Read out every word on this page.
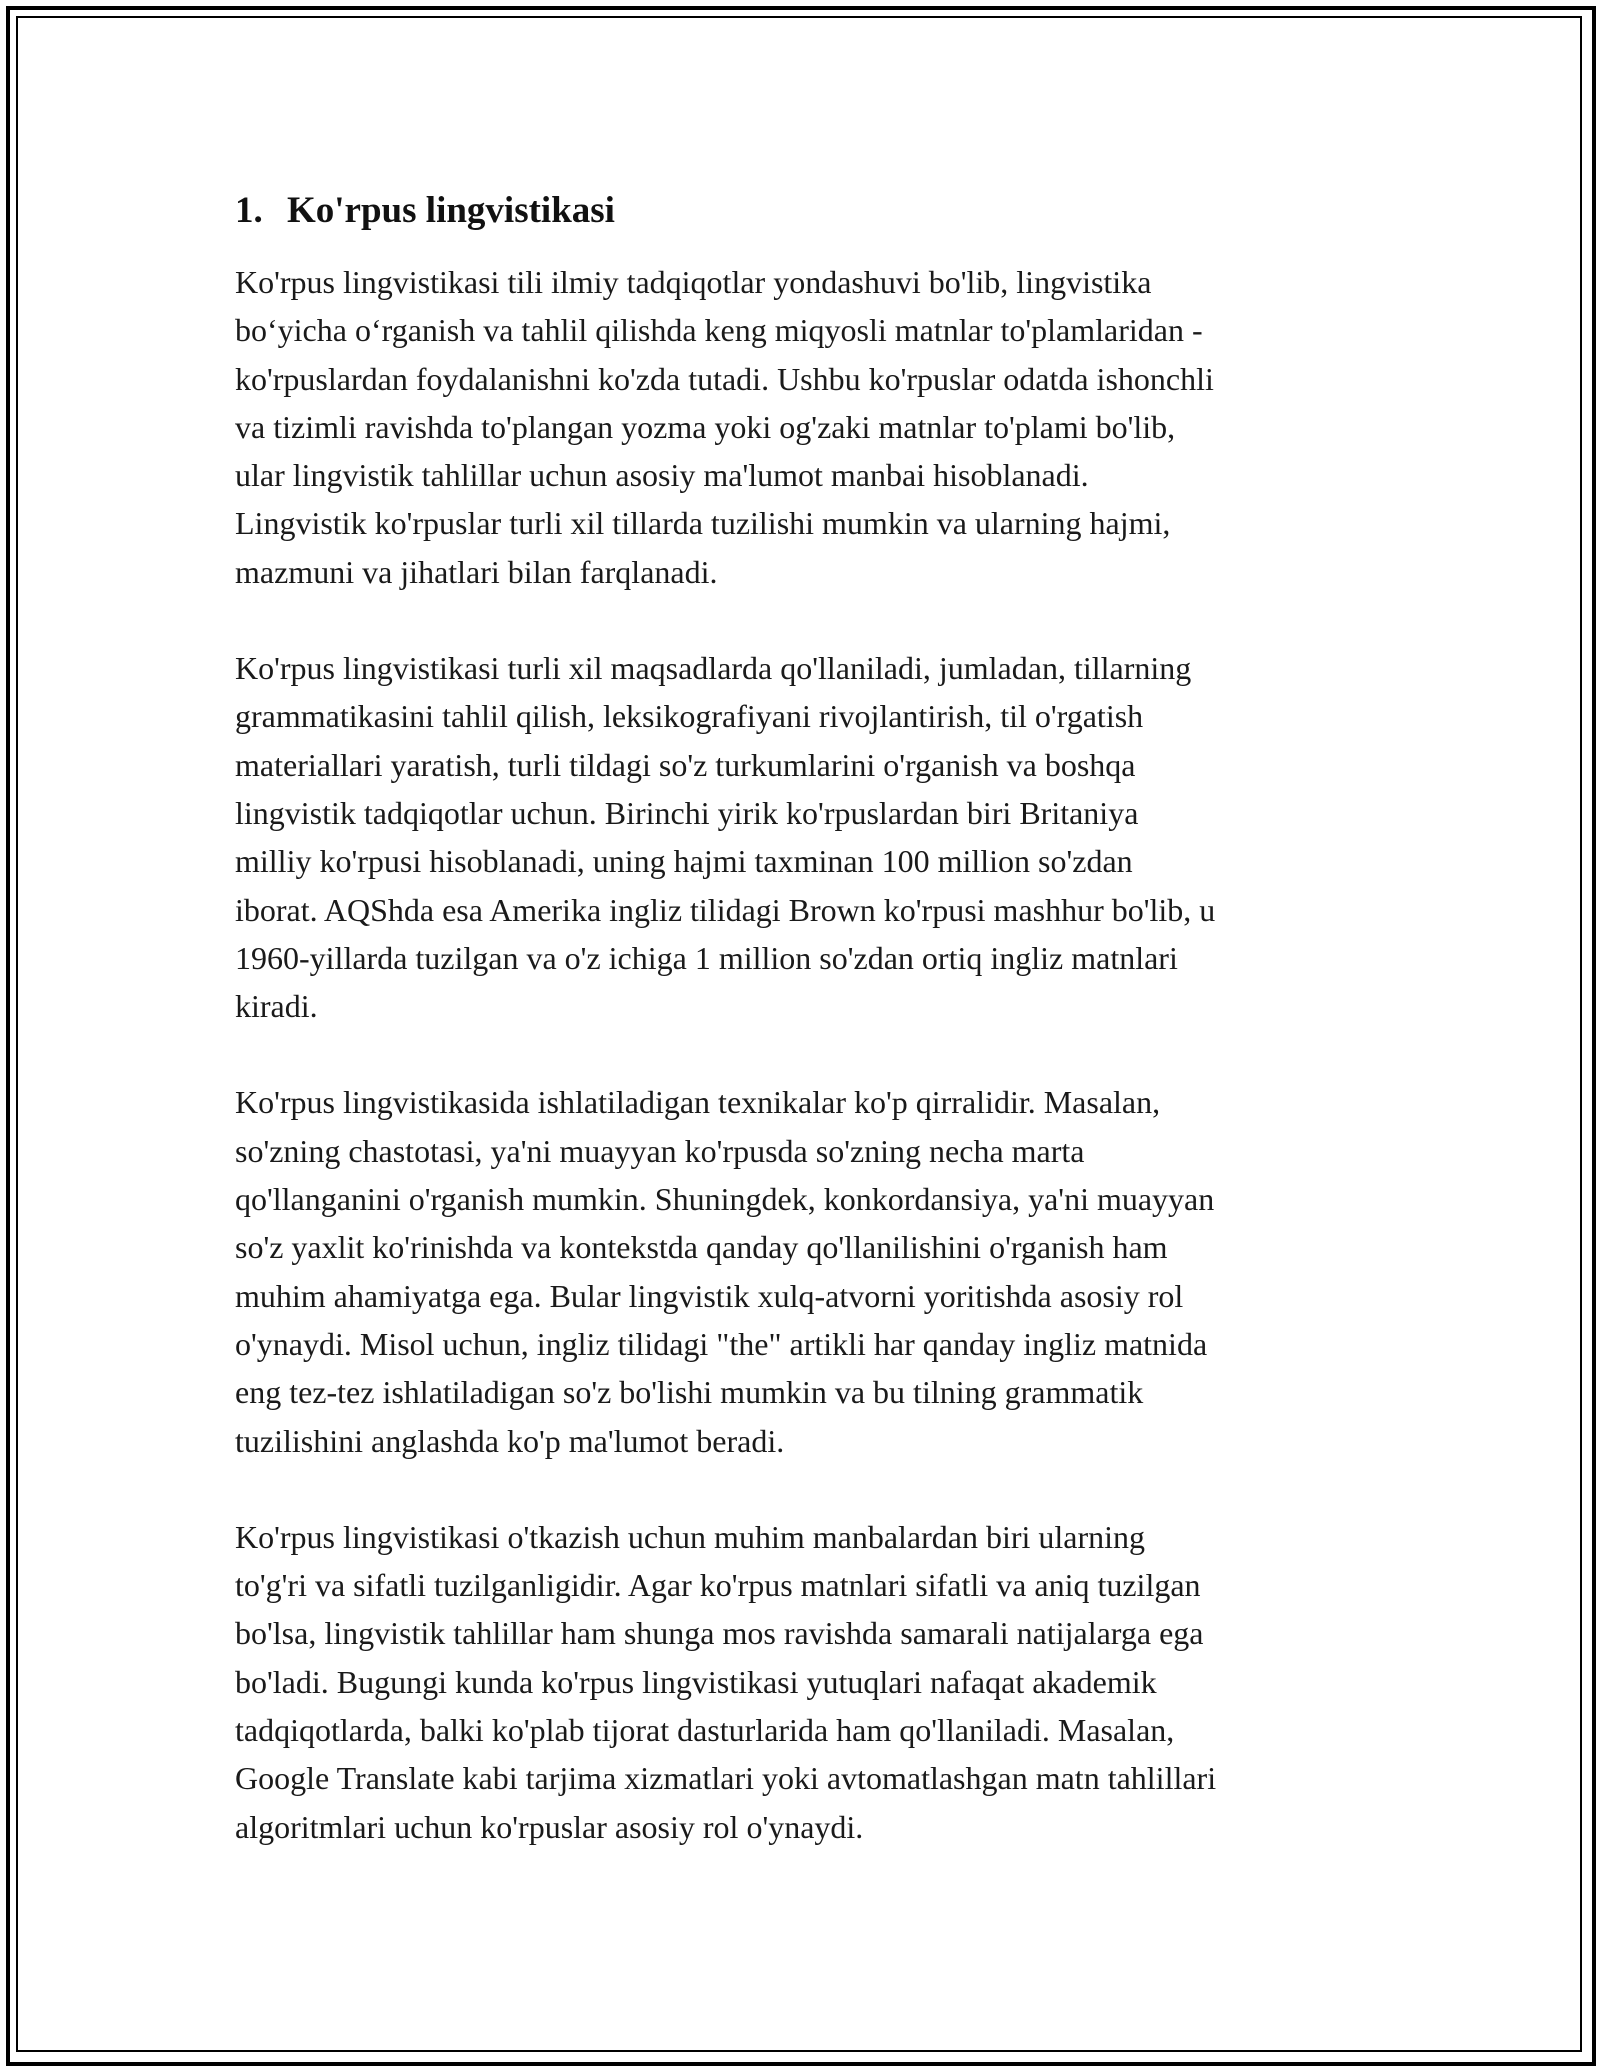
1. Ko'rpus lingvistikasi
Ko'rpus lingvistikasi tili ilmiy tadqiqotlar yondashuvi bo'lib, lingvistika
bo‘yicha o‘rganish va tahlil qilishda keng miqyosli matnlar to'plamlaridan -
ko'rpuslardan foydalanishni ko'zda tutadi. Ushbu ko'rpuslar odatda ishonchli
va tizimli ravishda to'plangan yozma yoki og'zaki matnlar to'plami bo'lib,
ular lingvistik tahlillar uchun asosiy ma'lumot manbai hisoblanadi.
Lingvistik ko'rpuslar turli xil tillarda tuzilishi mumkin va ularning hajmi,
mazmuni va jihatlari bilan farqlanadi.
Ko'rpus lingvistikasi turli xil maqsadlarda qo'llaniladi, jumladan, tillarning
grammatikasini tahlil qilish, leksikografiyani rivojlantirish, til o'rgatish
materiallari yaratish, turli tildagi so'z turkumlarini o'rganish va boshqa
lingvistik tadqiqotlar uchun. Birinchi yirik ko'rpuslardan biri Britaniya
milliy ko'rpusi hisoblanadi, uning hajmi taxminan 100 million so'zdan
iborat. AQShda esa Amerika ingliz tilidagi Brown ko'rpusi mashhur bo'lib, u
1960-yillarda tuzilgan va o'z ichiga 1 million so'zdan ortiq ingliz matnlari
kiradi.
Ko'rpus lingvistikasida ishlatiladigan texnikalar ko'p qirralidir. Masalan,
so'zning chastotasi, ya'ni muayyan ko'rpusda so'zning necha marta
qo'llanganini o'rganish mumkin. Shuningdek, konkordansiya, ya'ni muayyan
so'z yaxlit ko'rinishda va kontekstda qanday qo'llanilishini o'rganish ham
muhim ahamiyatga ega. Bular lingvistik xulq-atvorni yoritishda asosiy rol
o'ynaydi. Misol uchun, ingliz tilidagi "the" artikli har qanday ingliz matnida
eng tez-tez ishlatiladigan so'z bo'lishi mumkin va bu tilning grammatik
tuzilishini anglashda ko'p ma'lumot beradi.
Ko'rpus lingvistikasi o'tkazish uchun muhim manbalardan biri ularning
to'g'ri va sifatli tuzilganligidir. Agar ko'rpus matnlari sifatli va aniq tuzilgan
bo'lsa, lingvistik tahlillar ham shunga mos ravishda samarali natijalarga ega
bo'ladi. Bugungi kunda ko'rpus lingvistikasi yutuqlari nafaqat akademik
tadqiqotlarda, balki ko'plab tijorat dasturlarida ham qo'llaniladi. Masalan,
Google Translate kabi tarjima xizmatlari yoki avtomatlashgan matn tahlillari
algoritmlari uchun ko'rpuslar asosiy rol o'ynaydi.
